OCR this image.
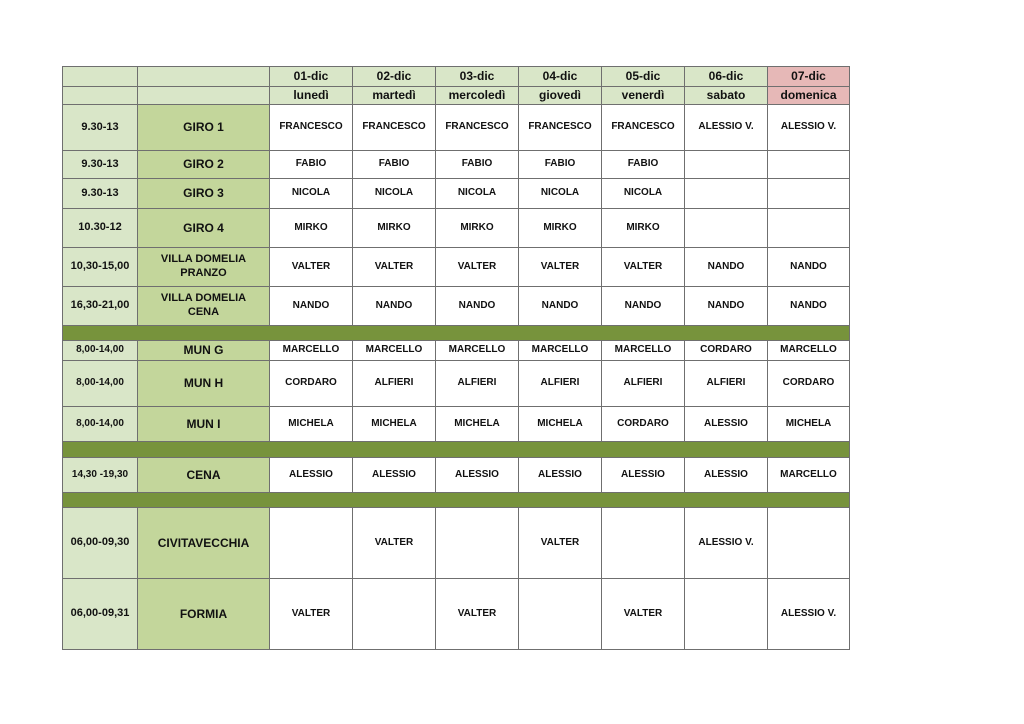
		01-dic	02-dic	03-dic	04-dic	05-dic	06-dic	07-dic
		lunedì	martedì	mercoledì	giovedì	venerdì	sabato	domenica
9.30-13	GIRO 1	FRANCESCO	FRANCESCO	FRANCESCO	FRANCESCO	FRANCESCO	ALESSIO V.	ALESSIO V.
9.30-13	GIRO 2	FABIO	FABIO	FABIO	FABIO	FABIO		
9.30-13	GIRO 3	NICOLA	NICOLA	NICOLA	NICOLA	NICOLA		
10.30-12	GIRO 4	MIRKO	MIRKO	MIRKO	MIRKO	MIRKO		
10,30-15,00	VILLA DOMELIA
PRANZO	VALTER	VALTER	VALTER	VALTER	VALTER	NANDO	NANDO
16,30-21,00	VILLA DOMELIA
CENA	NANDO	NANDO	NANDO	NANDO	NANDO	NANDO	NANDO

8,00-14,00	MUN G	MARCELLO	MARCELLO	MARCELLO	MARCELLO	MARCELLO	CORDARO	MARCELLO
8,00-14,00	MUN H	CORDARO	ALFIERI	ALFIERI	ALFIERI	ALFIERI	ALFIERI	CORDARO
8,00-14,00	MUN I	MICHELA	MICHELA	MICHELA	MICHELA	CORDARO	ALESSIO	MICHELA

14,30 -19,30	CENA	ALESSIO	ALESSIO	ALESSIO	ALESSIO	ALESSIO	ALESSIO	MARCELLO

06,00-09,30	CIVITAVECCHIA		VALTER		VALTER		ALESSIO V.	
06,00-09,31	FORMIA	VALTER		VALTER		VALTER		ALESSIO V.
